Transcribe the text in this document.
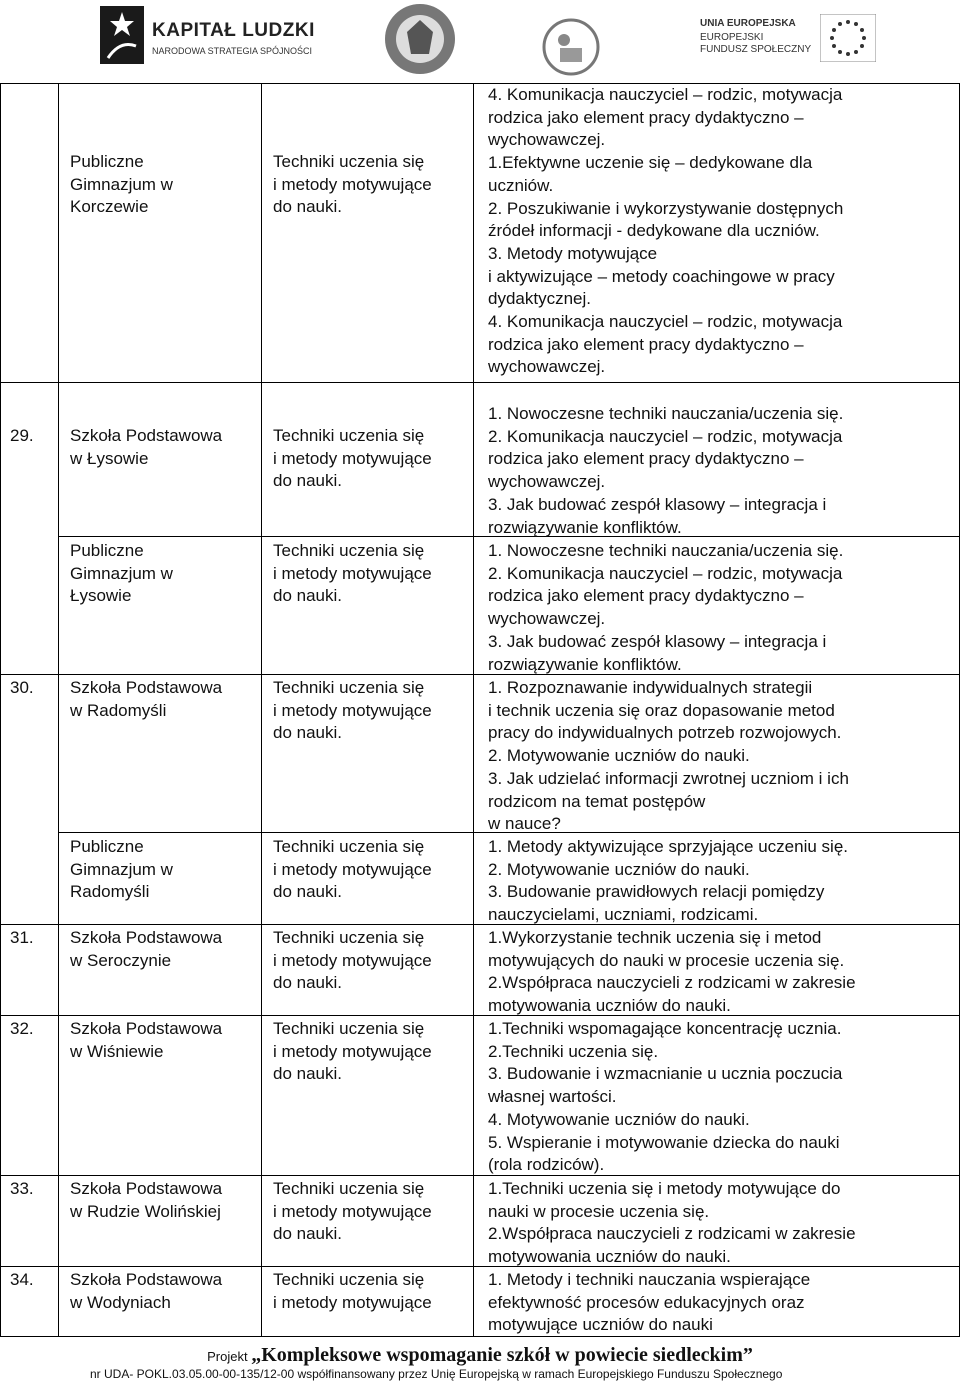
KAPITAŁ LUDZKI
NARODOWA STRATEGIA SPÓJNOŚCI
UNIA EUROPEJSKA
EUROPEJSKI
FUNDUSZ SPOŁECZNY
Publiczne
Gimnazjum w
Korczewie
Techniki uczenia się
i metody motywujące
do nauki.
4. Komunikacja nauczyciel – rodzic, motywacja
rodzica jako element pracy dydaktyczno –
wychowawczej.
1.Efektywne uczenie się – dedykowane dla
uczniów.
2. Poszukiwanie i wykorzystywanie dostępnych
źródeł informacji - dedykowane dla uczniów.
3. Metody motywujące
i aktywizujące – metody coachingowe w pracy
dydaktycznej.
4. Komunikacja nauczyciel – rodzic, motywacja
rodzica jako element pracy dydaktyczno –
wychowawczej.
29. Szkoła Podstawowa
w Łysowie
Techniki uczenia się
i metody motywujące
do nauki.
1. Nowoczesne techniki nauczania/uczenia się.
2. Komunikacja nauczyciel – rodzic, motywacja
rodzica jako element pracy dydaktyczno –
wychowawczej.
3. Jak budować zespół klasowy – integracja i
rozwiązywanie konfliktów.
Publiczne
Gimnazjum w
Łysowie
Techniki uczenia się
i metody motywujące
do nauki.
1. Nowoczesne techniki nauczania/uczenia się.
2. Komunikacja nauczyciel – rodzic, motywacja
rodzica jako element pracy dydaktyczno –
wychowawczej.
3. Jak budować zespół klasowy – integracja i
rozwiązywanie konfliktów.
30. Szkoła Podstawowa
w Radomyśli
Techniki uczenia się
i metody motywujące
do nauki.
1. Rozpoznawanie indywidualnych strategii
i technik uczenia się oraz dopasowanie metod
pracy do indywidualnych potrzeb rozwojowych.
2. Motywowanie uczniów do nauki.
3. Jak udzielać informacji zwrotnej uczniom i ich
rodzicom na temat postępów
w nauce?
Publiczne
Gimnazjum w
Radomyśli
Techniki uczenia się
i metody motywujące
do nauki.
1. Metody aktywizujące sprzyjające uczeniu się.
2. Motywowanie uczniów do nauki.
3. Budowanie prawidłowych relacji pomiędzy
nauczycielami, uczniami, rodzicami.
31. Szkoła Podstawowa
w Seroczynie
Techniki uczenia się
i metody motywujące
do nauki.
1.Wykorzystanie technik uczenia się i metod
motywujących do nauki w procesie uczenia się.
2.Współpraca nauczycieli z rodzicami w zakresie
motywowania uczniów do nauki.
32. Szkoła Podstawowa
w Wiśniewie
Techniki uczenia się
i metody motywujące
do nauki.
1.Techniki wspomagające koncentrację ucznia.
2.Techniki uczenia się.
3. Budowanie i wzmacnianie u ucznia poczucia
własnej wartości.
4. Motywowanie uczniów do nauki.
5. Wspieranie i motywowanie dziecka do nauki
(rola rodziców).
33. Szkoła Podstawowa
w Rudzie Wolińskiej
Techniki uczenia się
i metody motywujące
do nauki.
1.Techniki uczenia się i metody motywujące do
nauki w procesie uczenia się.
2.Współpraca nauczycieli z rodzicami w zakresie
motywowania uczniów do nauki.
34. Szkoła Podstawowa
w Wodyniach
Techniki uczenia się
i metody motywujące
1. Metody i techniki nauczania wspierające
efektywność procesów edukacyjnych oraz
motywujące uczniów do nauki
Projekt „Kompleksowe wspomaganie szkół w powiecie siedleckim”
nr UDA- POKL.03.05.00-00-135/12-00 współfinansowany przez Unię Europejską w ramach Europejskiego Funduszu Społecznego
